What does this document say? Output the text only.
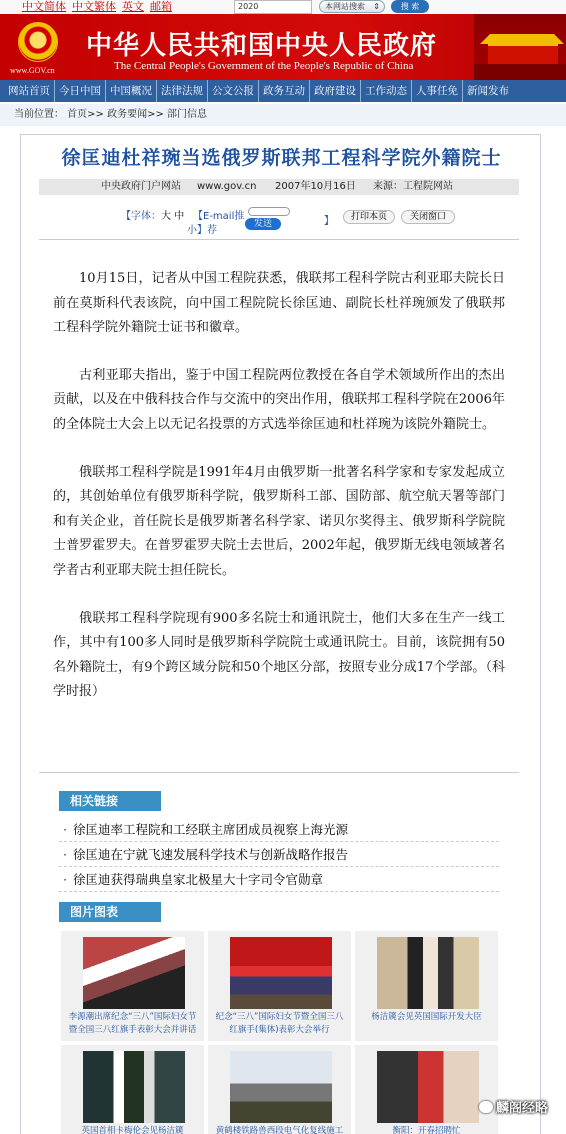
中文简体 中文繁体 英文 邮箱	2020	本网站搜索 ⇕	搜 索
www.GOV.cn
中华人民共和国中央人民政府
The Central People's Government of the People's Republic of China
网站首页 今日中国 中国概况 法律法规 公文公报 政务互动 政府建设 工作动态 人事任免 新闻发布
当前位置： 首页>> 政务要闻>> 部门信息
徐匡迪杜祥琬当选俄罗斯联邦工程科学院外籍院士
中央政府门户网站 www.gov.cn 2007年10月16日 来源：工程院网站
【字体：大 中 【E-mail推
小】荐
发送	】	打印本页	关闭窗口

10月15日，记者从中国工程院获悉，俄联邦工程科学院古利亚耶夫院长日前在莫斯科代表该院，向中国工程院院长徐匡迪、副院长杜祥琬颁发了俄联邦工程科学院外籍院士证书和徽章。

古利亚耶夫指出，鉴于中国工程院两位教授在各自学术领域所作出的杰出贡献，以及在中俄科技合作与交流中的突出作用，俄联邦工程科学院在2006年的全体院士大会上以无记名投票的方式选举徐匡迪和杜祥琬为该院外籍院士。

俄联邦工程科学院是1991年4月由俄罗斯一批著名科学家和专家发起成立的，其创始单位有俄罗斯科学院，俄罗斯科工部、国防部、航空航天署等部门和有关企业，首任院长是俄罗斯著名科学家、诺贝尔奖得主、俄罗斯科学院院士普罗霍罗夫。在普罗霍罗夫院士去世后，2002年起，俄罗斯无线电领域著名学者古利亚耶夫院士担任院长。

俄联邦工程科学院现有900多名院士和通讯院士，他们大多在生产一线工作，其中有100多人同时是俄罗斯科学院院士或通讯院士。目前，该院拥有50名外籍院士，有9个跨区域分院和50个地区分部，按照专业分成17个学部。（科学时报）

相关链接
· 徐匡迪率工程院和工经联主席团成员视察上海光源
· 徐匡迪在宁就飞速发展科学技术与创新战略作报告
· 徐匡迪获得瑞典皇家北极星大十字司令官勋章
图片图表
李源潮出席纪念“三八”国际妇女节暨全国三八红旗手表彰大会并讲话
纪念“三八”国际妇女节暨全国三八红旗手(集体)表彰大会举行
杨洁篪会见英国国际开发大臣
英国首相卡梅伦会见杨洁篪	黄鹤楼铁路兽西段电气化复线施工	衡阳：开春招聘忙
麟阁经略
